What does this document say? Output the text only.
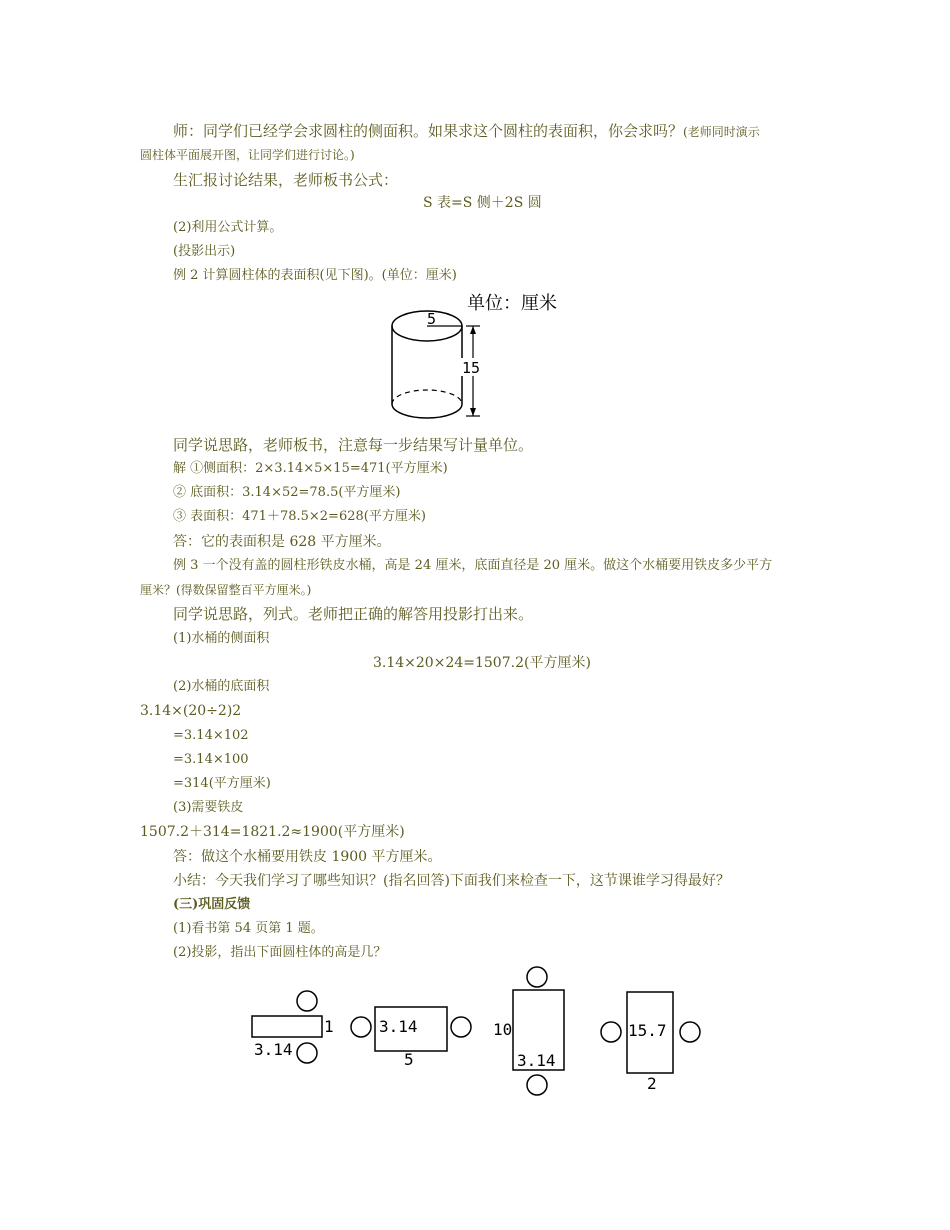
师：同学们已经学会求圆柱的侧面积。如果求这个圆柱的表面积，你会求吗？(老师同时演示
圆柱体平面展开图，让同学们进行讨论。)
生汇报讨论结果，老师板书公式：
S 表=S 侧＋2S 圆
(2)利用公式计算。
(投影出示)
例 2 计算圆柱体的表面积(见下图)。(单位：厘米)
单位：厘米
5
15
同学说思路，老师板书，注意每一步结果写计量单位。
解 ①侧面积：2×3.14×5×15=471(平方厘米)
② 底面积：3.14×52=78.5(平方厘米)
③ 表面积：471＋78.5×2=628(平方厘米)
答：它的表面积是 628 平方厘米。
例 3 一个没有盖的圆柱形铁皮水桶，高是 24 厘米，底面直径是 20 厘米。做这个水桶要用铁皮多少平方
厘米？(得数保留整百平方厘米。)
同学说思路，列式。老师把正确的解答用投影打出来。
(1)水桶的侧面积
3.14×20×24=1507.2(平方厘米)
(2)水桶的底面积
3.14×(20÷2)2
=3.14×102
=3.14×100
=314(平方厘米)
(3)需要铁皮
1507.2＋314=1821.2≈1900(平方厘米)
答：做这个水桶要用铁皮 1900 平方厘米。
小结：今天我们学习了哪些知识？(指名回答)下面我们来检查一下，这节课谁学习得最好？
(三)巩固反馈
(1)看书第 54 页第 1 题。
(2)投影，指出下面圆柱体的高是几？
1
3.14
3.14
5
10
3.14
15.7
2
